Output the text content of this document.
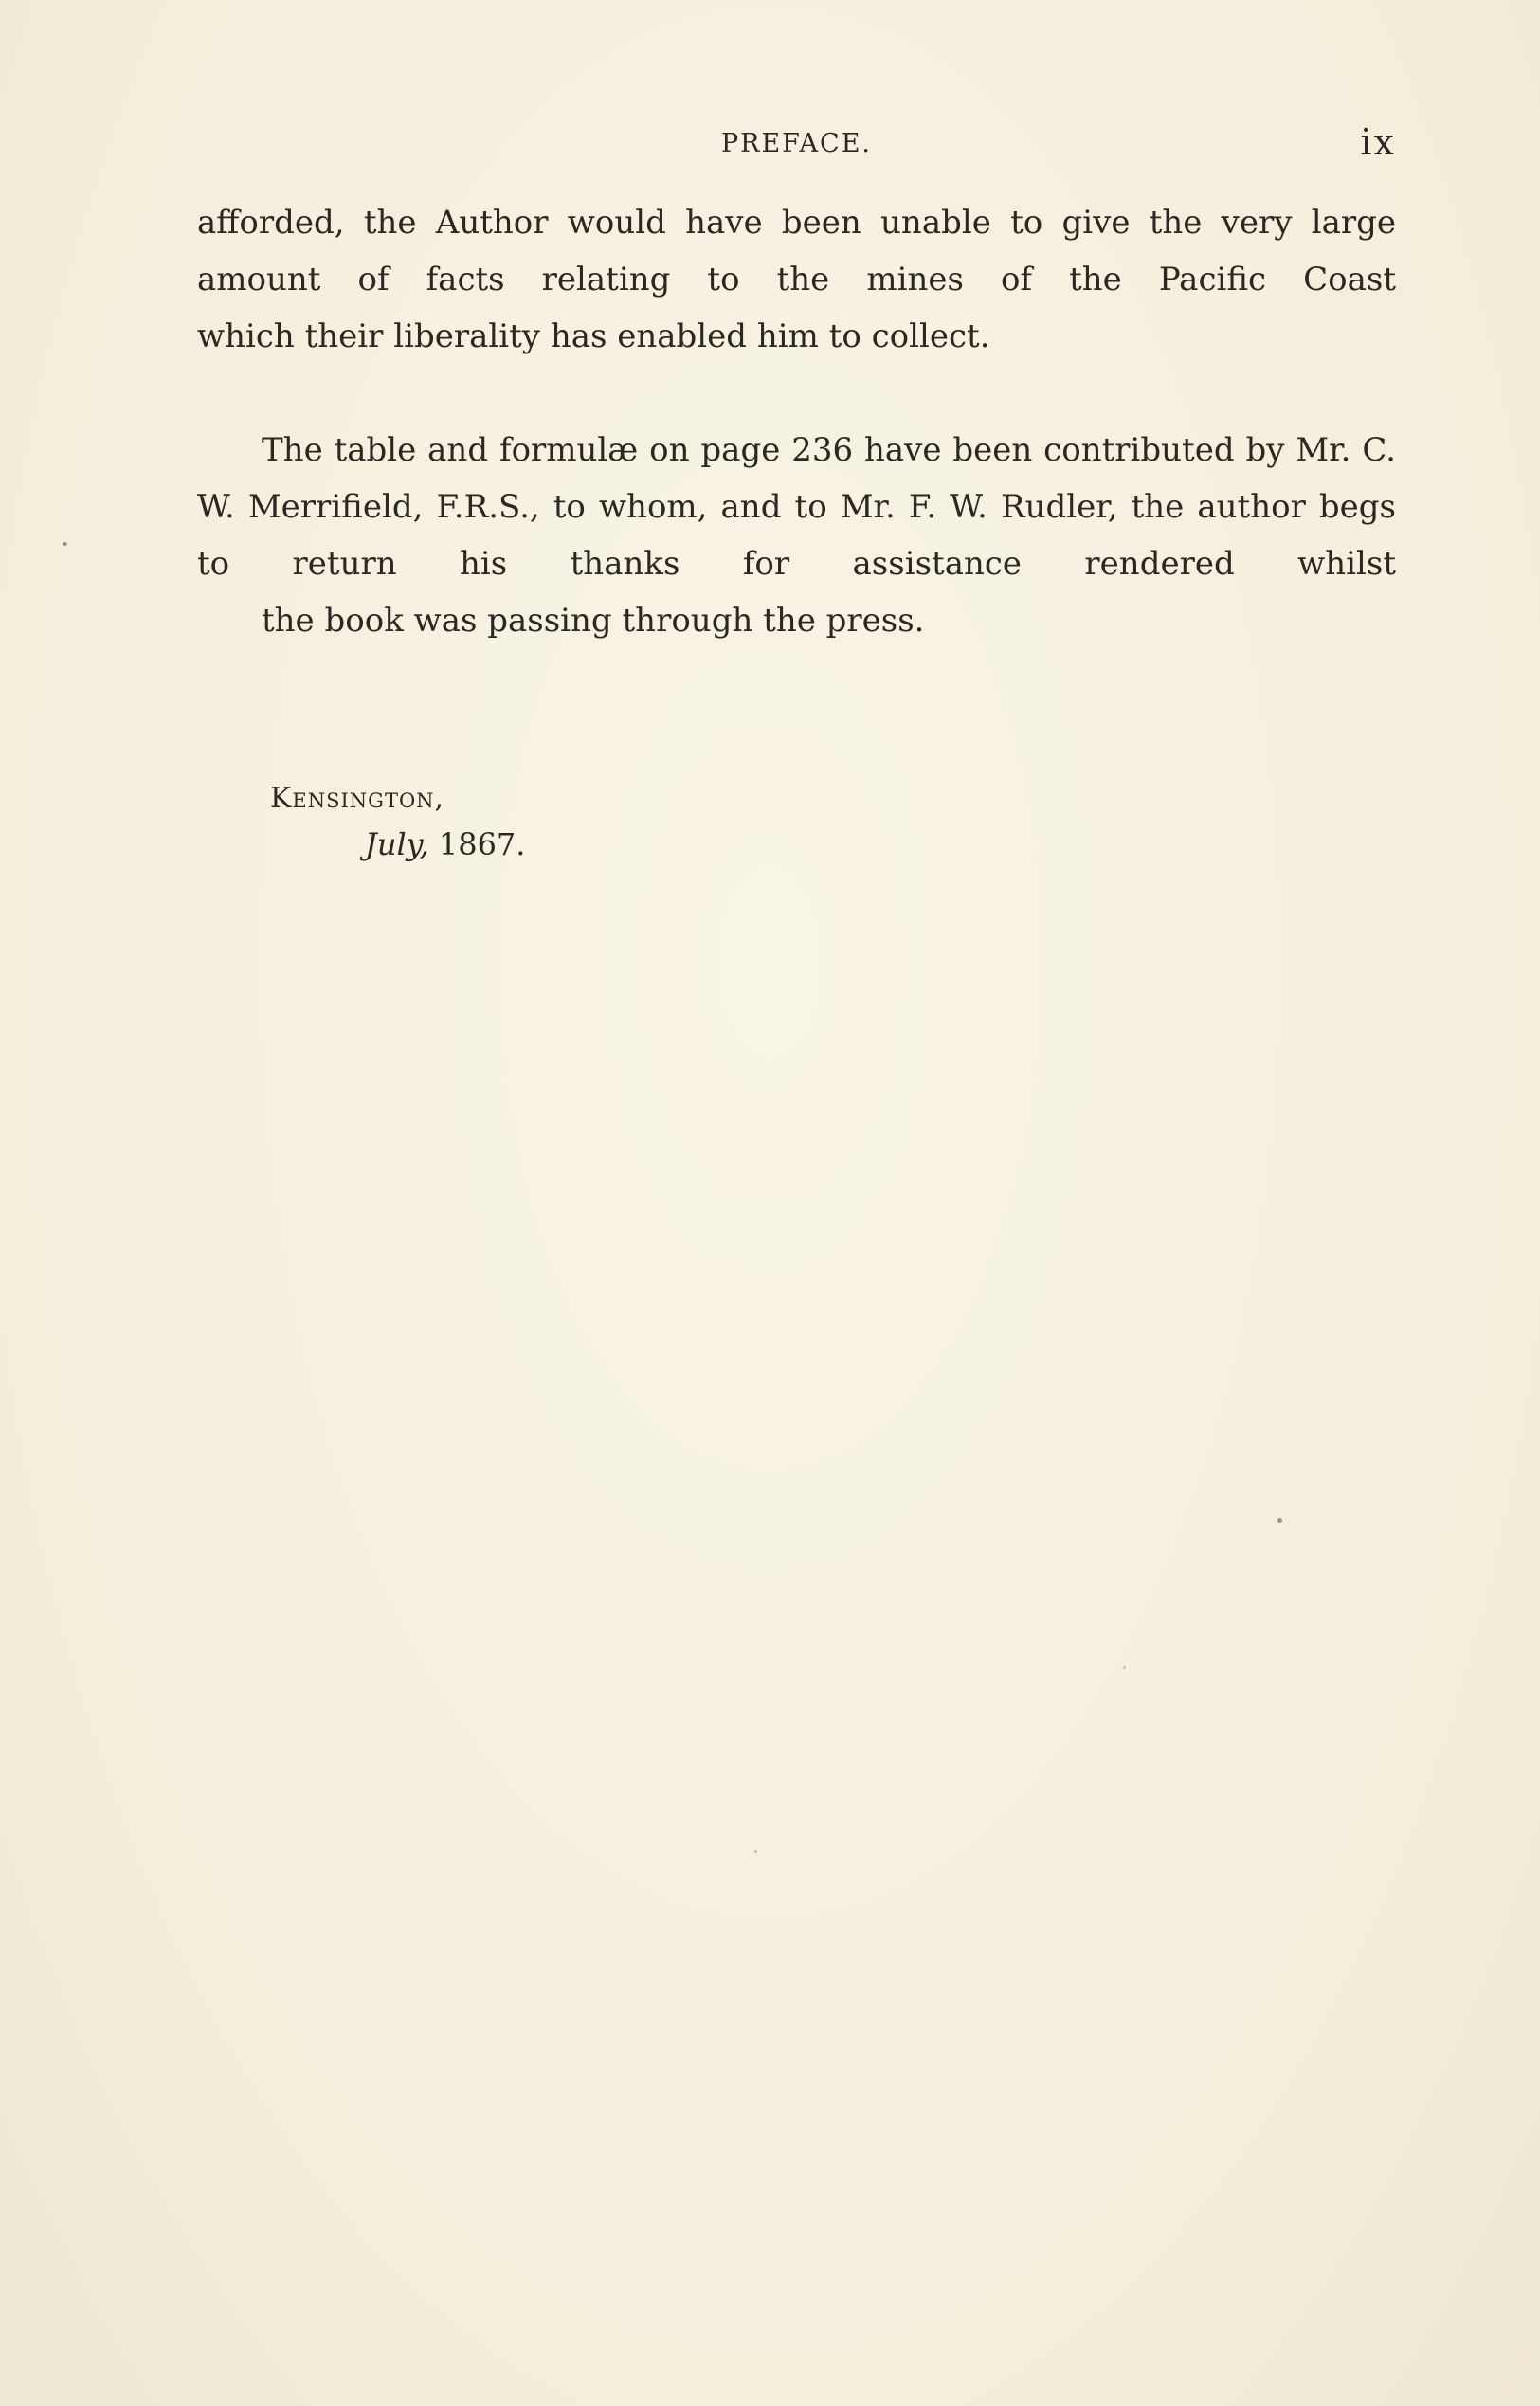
PREFACE.	ix

afforded, the Author would have been unable to give the very large amount of facts relating to the mines of the Pacific Coast
which their liberality has enabled him to collect.

The table and formulæ on page 236 have been contributed by Mr. C. W. Merrifield, F.R.S., to whom, and to Mr. F. W. Rudler, the author begs to return his thanks for assistance rendered whilst
the book was passing through the press.

Kensington,
July, 1867.
